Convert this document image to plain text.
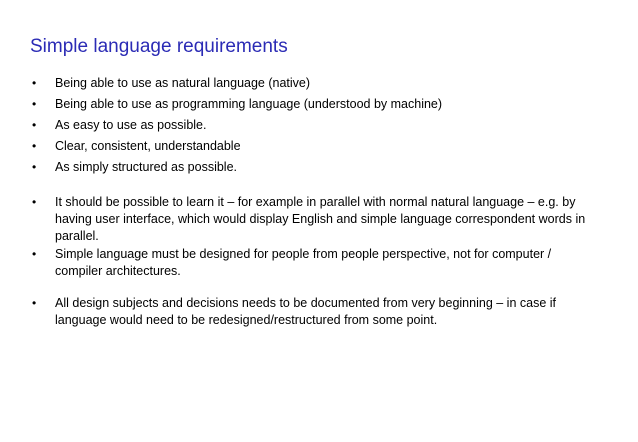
Simple language requirements
• Being able to use as natural language (native)
• Being able to use as programming language (understood by machine)
• As easy to use as possible.
• Clear, consistent, understandable
• As simply structured as possible.
• It should be possible to learn it – for example in parallel with normal natural language – e.g. by having user interface, which would display English and simple language correspondent words in parallel.
• Simple language must be designed for people from people perspective, not for computer / compiler architectures.
• All design subjects and decisions needs to be documented from very beginning – in case if language would need to be redesigned/restructured from some point.
